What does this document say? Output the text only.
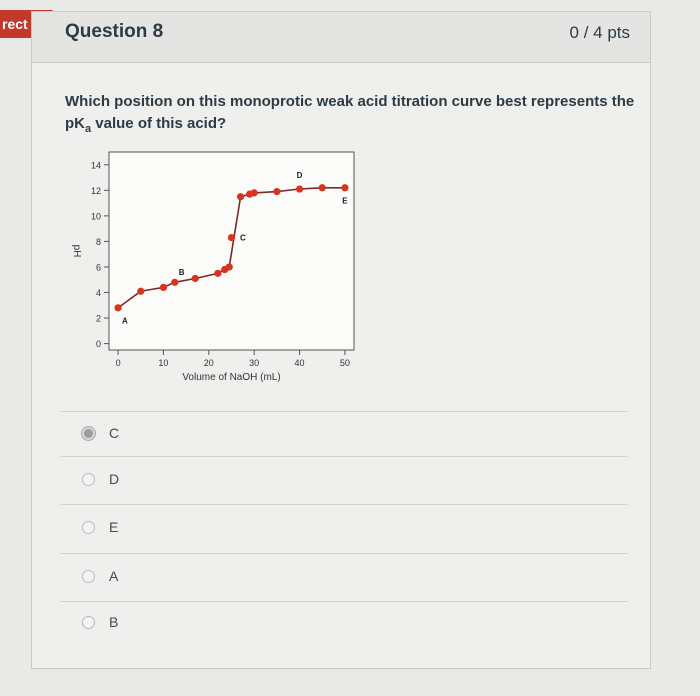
rect	Question 8	0 / 4 pts
Which position on this monoprotic weak acid titration curve best represents the $pK_a$ value of this acid?
0
2
4
6
8
10
12
14
0	10	20	30	40	50
Volume of NaOH (mL)
pH
A
B
C
D
E
C
D
E
A
B
